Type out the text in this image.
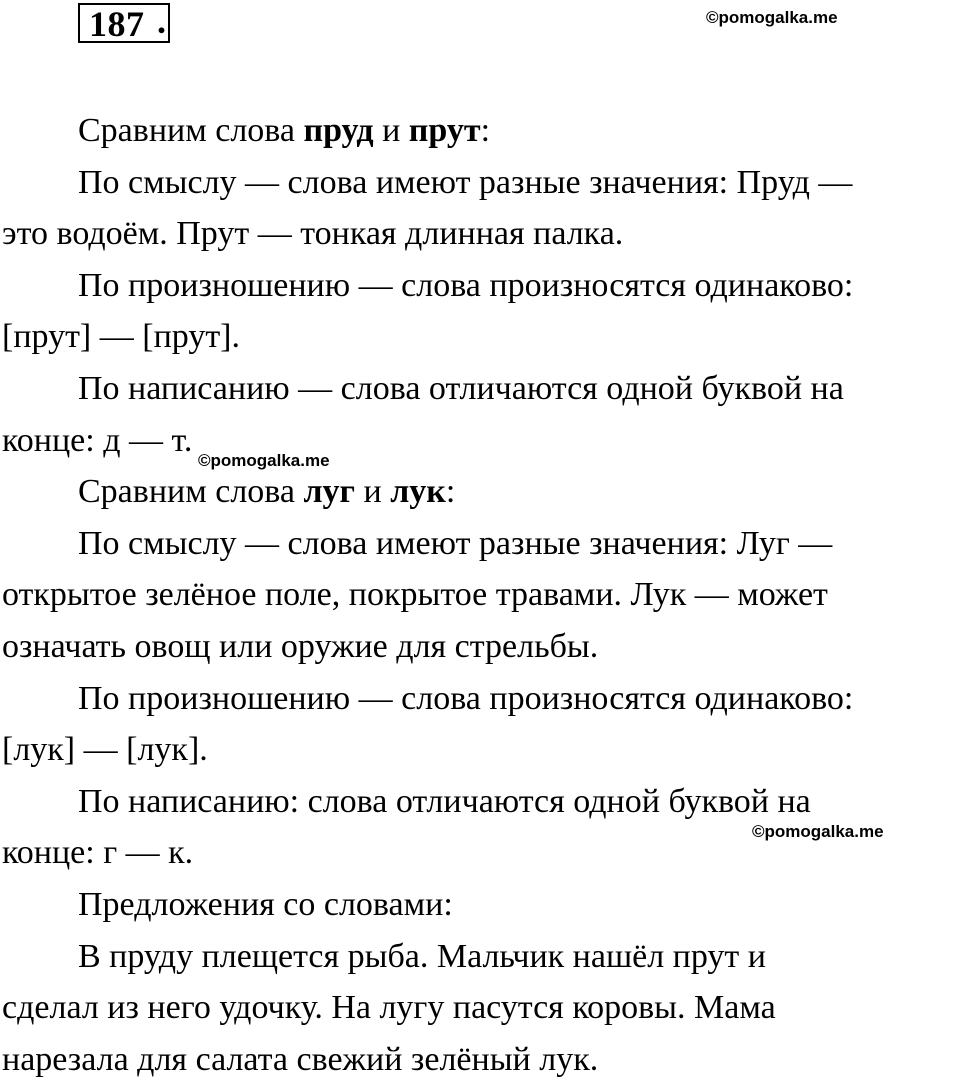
187 .	©pomogalka.me
©pomogalka.me
©pomogalka.me

Сравним слова пруд и прут:

По смыслу — слова имеют разные значения: Пруд —
это водоём. Прут — тонкая длинная палка.

По произношению — слова произносятся одинаково:
[прут] — [прут].

По написанию — слова отличаются одной буквой на
конце: д — т.

Сравним слова луг и лук:

По смыслу — слова имеют разные значения: Луг —
открытое зелёное поле, покрытое травами. Лук — может
означать овощ или оружие для стрельбы.

По произношению — слова произносятся одинаково:
[лук] — [лук].

По написанию: слова отличаются одной буквой на
конце: г — к.

Предложения со словами:

В пруду плещется рыба. Мальчик нашёл прут и
сделал из него удочку. На лугу пасутся коровы. Мама
нарезала для салата свежий зелёный лук.
